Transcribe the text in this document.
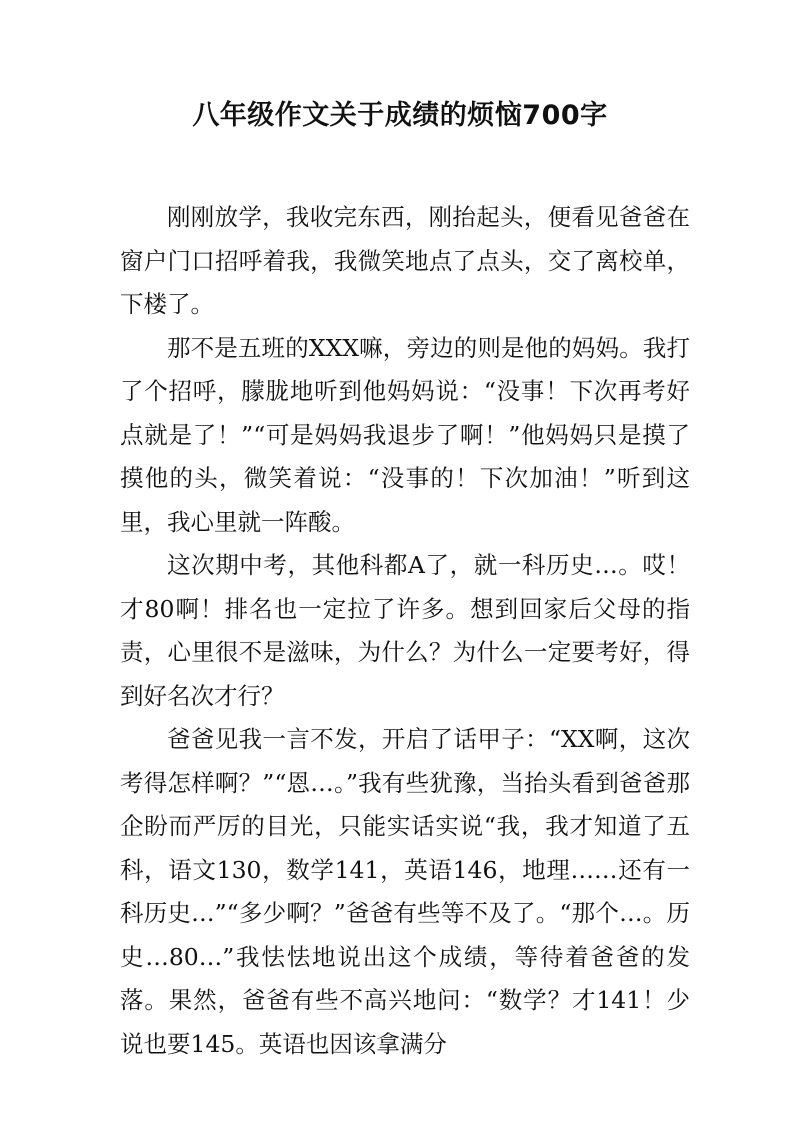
八年级作文关于成绩的烦恼700字

刚刚放学，我收完东西，刚抬起头，便看见爸爸在窗户门口招呼着我，我微笑地点了点头，交了离校单，下楼了。

那不是五班的XXX嘛，旁边的则是他的妈妈。我打了个招呼，朦胧地听到他妈妈说：“没事！下次再考好点就是了！”“可是妈妈我退步了啊！”他妈妈只是摸了摸他的头，微笑着说：“没事的！下次加油！”听到这里，我心里就一阵酸。

这次期中考，其他科都A了，就一科历史…。哎！才80啊！排名也一定拉了许多。想到回家后父母的指责，心里很不是滋味，为什么？为什么一定要考好，得到好名次才行？

爸爸见我一言不发，开启了话甲子：“XX啊，这次考得怎样啊？”“恩…。”我有些犹豫，当抬头看到爸爸那企盼而严厉的目光，只能实话实说“我，我才知道了五科，语文130，数学141，英语146，地理……还有一科历史…”“多少啊？”爸爸有些等不及了。“那个…。历史…80…”我怯怯地说出这个成绩，等待着爸爸的发落。果然，爸爸有些不高兴地问：“数学？才141！少说也要145。英语也因该拿满分
